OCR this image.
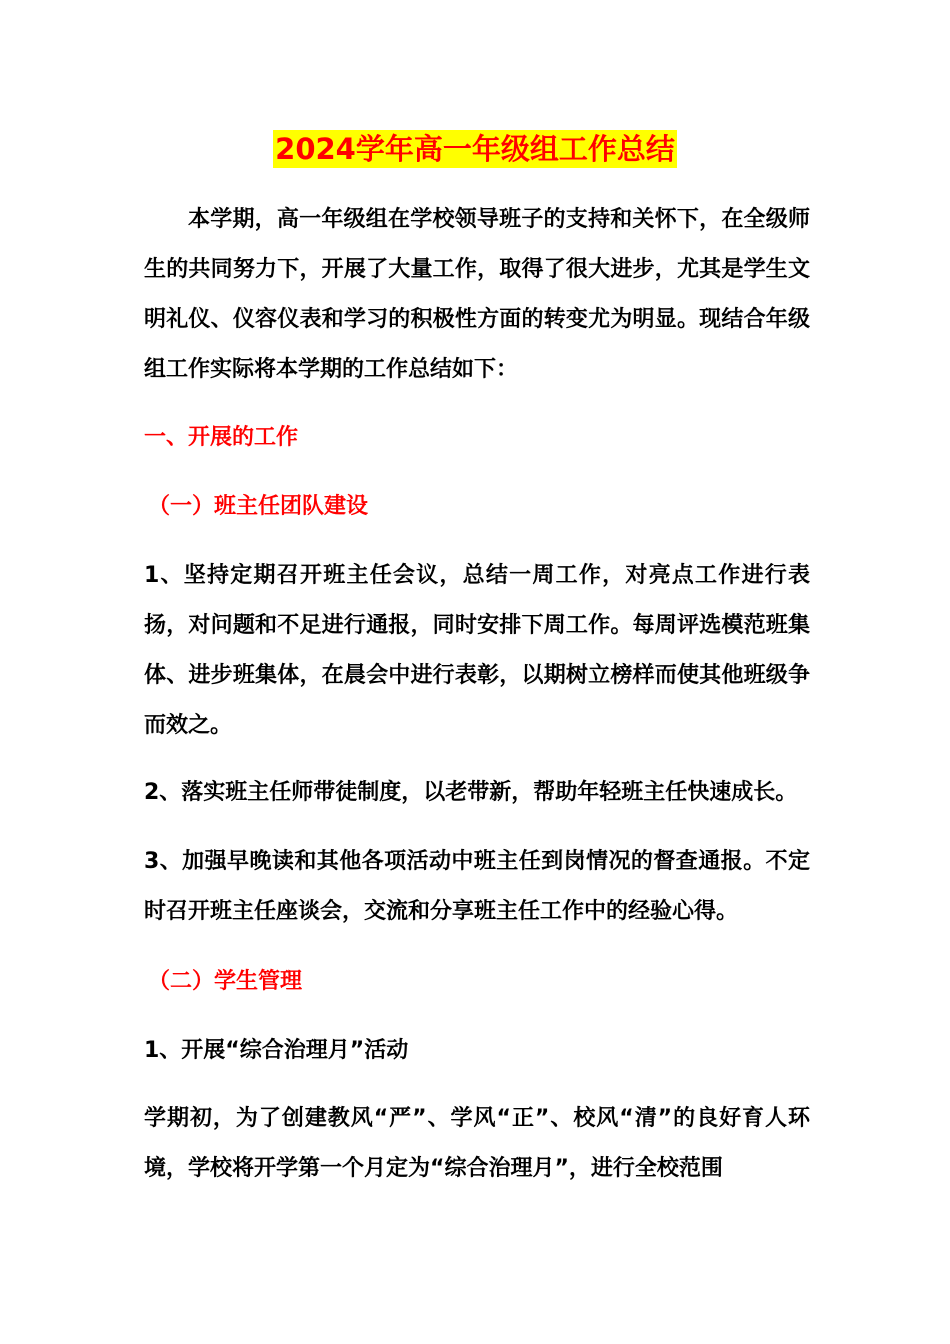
2024学年高一年级组工作总结

本学期，高一年级组在学校领导班子的支持和关怀下，在全级师生的共同努力下，开展了大量工作，取得了很大进步，尤其是学生文明礼仪、仪容仪表和学习的积极性方面的转变尤为明显。现结合年级组工作实际将本学期的工作总结如下：

一、开展的工作
（一）班主任团队建设

1、坚持定期召开班主任会议，总结一周工作，对亮点工作进行表扬，对问题和不足进行通报，同时安排下周工作。每周评选模范班集体、进步班集体，在晨会中进行表彰，以期树立榜样而使其他班级争而效之。

2、落实班主任师带徒制度，以老带新，帮助年轻班主任快速成长。

3、加强早晚读和其他各项活动中班主任到岗情况的督查通报。不定时召开班主任座谈会，交流和分享班主任工作中的经验心得。

（二）学生管理
1、开展“综合治理月”活动

学期初，为了创建教风“严”、学风“正”、校风“清”的良好育人环境，学校将开学第一个月定为“综合治理月”，进行全校范围
